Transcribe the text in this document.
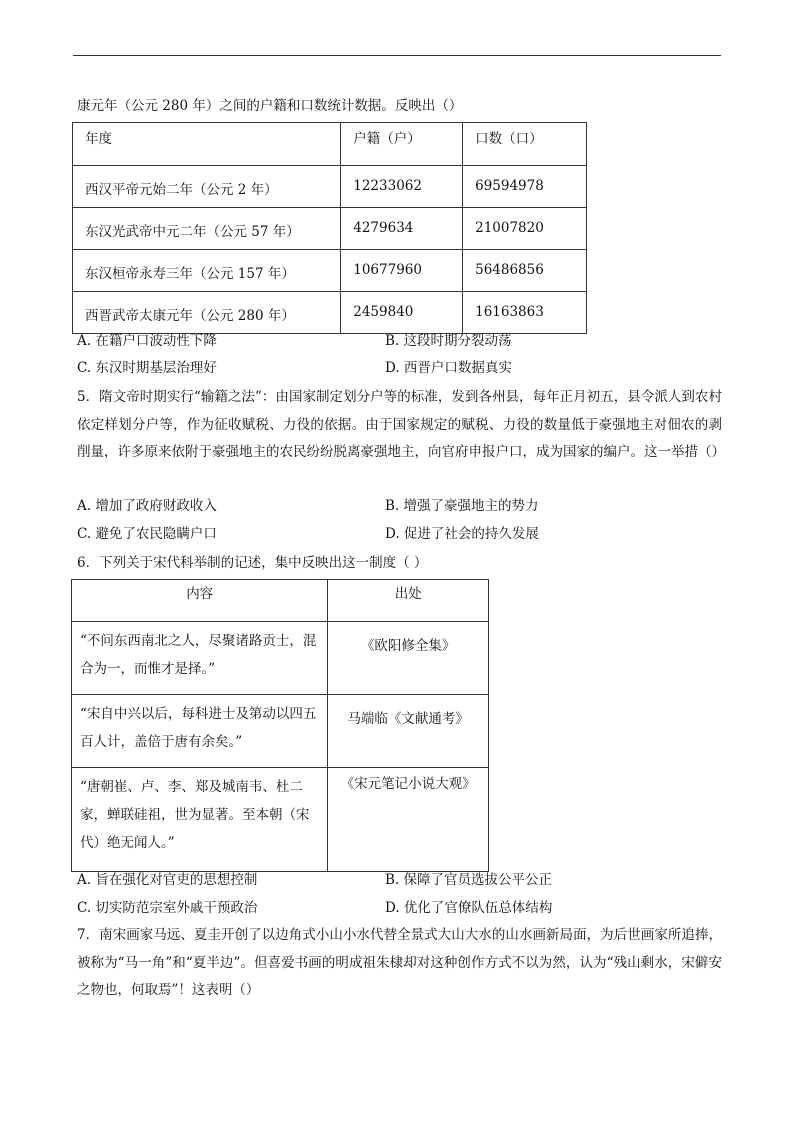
康元年（公元 280 年）之间的户籍和口数统计数据。反映出（）
年度	户籍（户）	口数（口）

西汉平帝元始二年（公元 2 年）	12233062	69594978

东汉光武帝中元二年（公元 57 年）	4279634	21007820

东汉桓帝永寿三年（公元 157 年）	10677960	56486856

西晋武帝太康元年（公元 280 年）	2459840	16163863
A. 在籍户口波动性下降	B. 这段时期分裂动荡
C. 东汉时期基层治理好	D. 西晋户口数据真实
5．隋文帝时期实行“输籍之法”：由国家制定划分户等的标准，发到各州县，每年正月初五，县令派人到农村依定样划分户等，作为征收赋税、力役的依据。由于国家规定的赋税、力役的数量低于豪强地主对佃农的剥削量，许多原来依附于豪强地主的农民纷纷脱离豪强地主，向官府申报户口，成为国家的编户。这一举措（）
A. 增加了政府财政收入	B. 增强了豪强地主的势力
C. 避免了农民隐瞒户口	D. 促进了社会的持久发展
6．下列关于宋代科举制的记述，集中反映出这一制度（ ）
内容	出处
“不问东西南北之人，尽聚诸路贡士，混合为一，而惟才是择。”	《欧阳修全集》
“宋自中兴以后，每科进士及第动以四五百人计，盖倍于唐有余矣。”	马端临《文献通考》
“唐朝崔、卢、李、郑及城南韦、杜二家，蝉联硅祖，世为显著。至本朝（宋代）绝无闻人。”	《宋元笔记小说大观》
A. 旨在强化对官吏的思想控制	B. 保障了官员选拔公平公正
C. 切实防范宗室外戚干预政治	D. 优化了官僚队伍总体结构
7．南宋画家马远、夏圭开创了以边角式小山小水代替全景式大山大水的山水画新局面，为后世画家所追捧，被称为“马一角”和“夏半边”。但喜爱书画的明成祖朱棣却对这种创作方式不以为然，认为“残山剩水，宋僻安之物也，何取焉”！这表明（）
